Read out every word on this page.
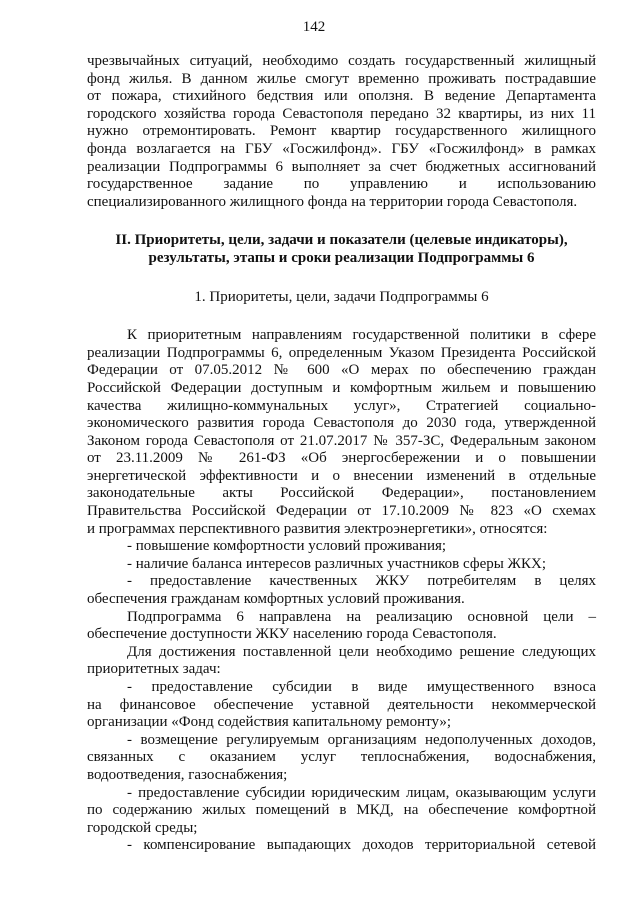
142
чрезвычайных ситуаций, необходимо создать государственный жилищный
фонд жилья. В данном жилье смогут временно проживать пострадавшие
от пожара, стихийного бедствия или оползня. В ведение Департамента
городского хозяйства города Севастополя передано 32 квартиры, из них 11
нужно отремонтировать. Ремонт квартир государственного жилищного
фонда возлагается на ГБУ «Госжилфонд». ГБУ «Госжилфонд» в рамках
реализации Подпрограммы 6 выполняет за счет бюджетных ассигнований
государственное задание по управлению и использованию
специализированного жилищного фонда на территории города Севастополя.
II. Приоритеты, цели, задачи и показатели (целевые индикаторы),
результаты, этапы и сроки реализации Подпрограммы 6
1. Приоритеты, цели, задачи Подпрограммы 6
К приоритетным направлениям государственной политики в сфере
реализации Подпрограммы 6, определенным Указом Президента Российской
Федерации от 07.05.2012 № 600 «О мерах по обеспечению граждан
Российской Федерации доступным и комфортным жильем и повышению
качества жилищно-коммунальных услуг», Стратегией социально-
экономического развития города Севастополя до 2030 года, утвержденной
Законом города Севастополя от 21.07.2017 № 357-ЗС, Федеральным законом
от 23.11.2009 № 261-ФЗ «Об энергосбережении и о повышении
энергетической эффективности и о внесении изменений в отдельные
законодательные акты Российской Федерации», постановлением
Правительства Российской Федерации от 17.10.2009 № 823 «О схемах
и программах перспективного развития электроэнергетики», относятся:
- повышение комфортности условий проживания;
- наличие баланса интересов различных участников сферы ЖКХ;
- предоставление качественных ЖКУ потребителям в целях
обеспечения гражданам комфортных условий проживания.
Подпрограмма 6 направлена на реализацию основной цели –
обеспечение доступности ЖКУ населению города Севастополя.
Для достижения поставленной цели необходимо решение следующих
приоритетных задач:
- предоставление субсидии в виде имущественного взноса
на финансовое обеспечение уставной деятельности некоммерческой
организации «Фонд содействия капитальному ремонту»;
- возмещение регулируемым организациям недополученных доходов,
связанных с оказанием услуг теплоснабжения, водоснабжения,
водоотведения, газоснабжения;
- предоставление субсидии юридическим лицам, оказывающим услуги
по содержанию жилых помещений в МКД, на обеспечение комфортной
городской среды;
- компенсирование выпадающих доходов территориальной сетевой
